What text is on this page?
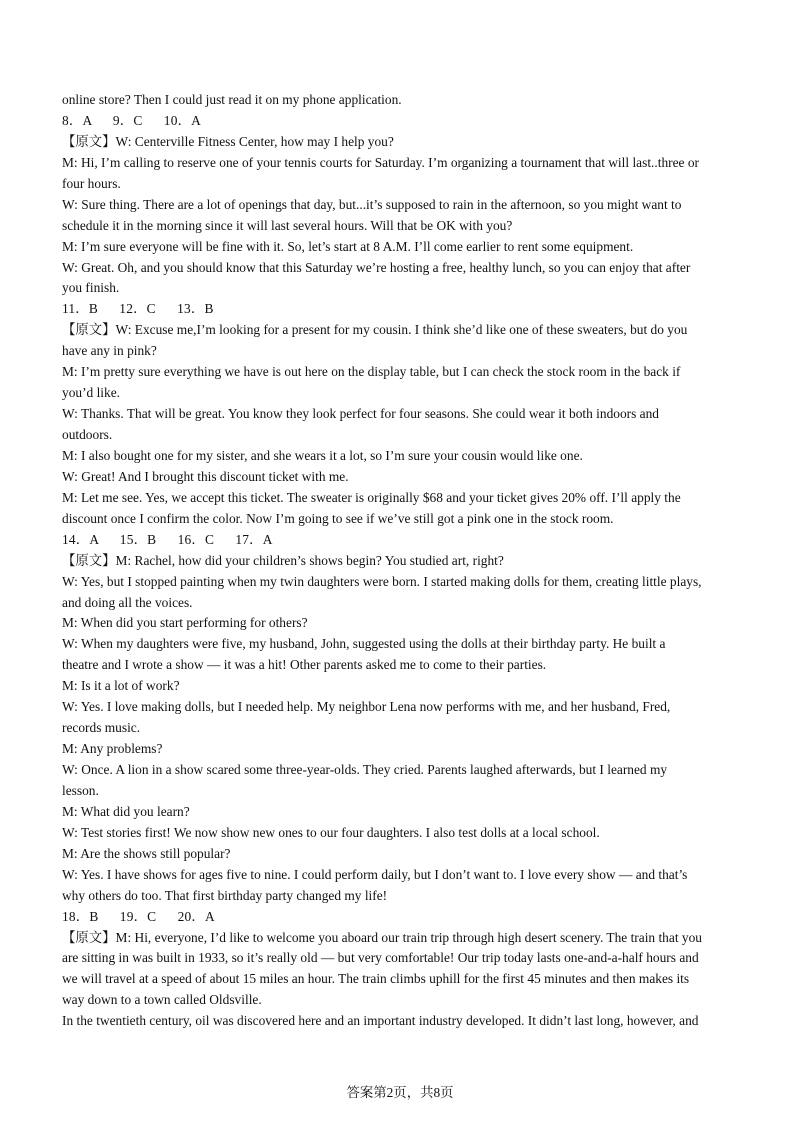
online store? Then I could just read it on my phone application.
8．A      9．C      10．A
【原文】W: Centerville Fitness Center, how may I help you?
M: Hi, I’m calling to reserve one of your tennis courts for Saturday. I’m organizing a tournament that will last..three or
four hours.
W: Sure thing. There are a lot of openings that day, but...it’s supposed to rain in the afternoon, so you might want to
schedule it in the morning since it will last several hours. Will that be OK with you?
M: I’m sure everyone will be fine with it. So, let’s start at 8 A.M. I’ll come earlier to rent some equipment.
W: Great. Oh, and you should know that this Saturday we’re hosting a free, healthy lunch, so you can enjoy that after
you finish.
11．B      12．C      13．B
【原文】W: Excuse me,I’m looking for a present for my cousin. I think she’d like one of these sweaters, but do you
have any in pink?
M: I’m pretty sure everything we have is out here on the display table, but I can check the stock room in the back if
you’d like.
W: Thanks. That will be great. You know they look perfect for four seasons. She could wear it both indoors and
outdoors.
M: I also bought one for my sister, and she wears it a lot, so I’m sure your cousin would like one.
W: Great! And I brought this discount ticket with me.
M: Let me see. Yes, we accept this ticket. The sweater is originally $68 and your ticket gives 20% off. I’ll apply the
discount once I confirm the color. Now I’m going to see if we’ve still got a pink one in the stock room.
14．A      15．B      16．C      17．A
【原文】M: Rachel, how did your children’s shows begin? You studied art, right?
W: Yes, but I stopped painting when my twin daughters were born. I started making dolls for them, creating little plays,
and doing all the voices.
M: When did you start performing for others?
W: When my daughters were five, my husband, John, suggested using the dolls at their birthday party. He built a
theatre and I wrote a show — it was a hit! Other parents asked me to come to their parties.
M: Is it a lot of work?
W: Yes. I love making dolls, but I needed help. My neighbor Lena now performs with me, and her husband, Fred,
records music.
M: Any problems?
W: Once. A lion in a show scared some three-year-olds. They cried. Parents laughed afterwards, but I learned my
lesson.
M: What did you learn?
W: Test stories first! We now show new ones to our four daughters. I also test dolls at a local school.
M: Are the shows still popular?
W: Yes. I have shows for ages five to nine. I could perform daily, but I don’t want to. I love every show — and that’s
why others do too. That first birthday party changed my life!
18．B      19．C      20．A
【原文】M: Hi, everyone, I’d like to welcome you aboard our train trip through high desert scenery. The train that you
are sitting in was built in 1933, so it’s really old — but very comfortable! Our trip today lasts one-and-a-half hours and
we will travel at a speed of about 15 miles an hour. The train climbs uphill for the first 45 minutes and then makes its
way down to a town called Oldsville.
In the twentieth century, oil was discovered here and an important industry developed. It didn’t last long, however, and
答案第2页，共8页
